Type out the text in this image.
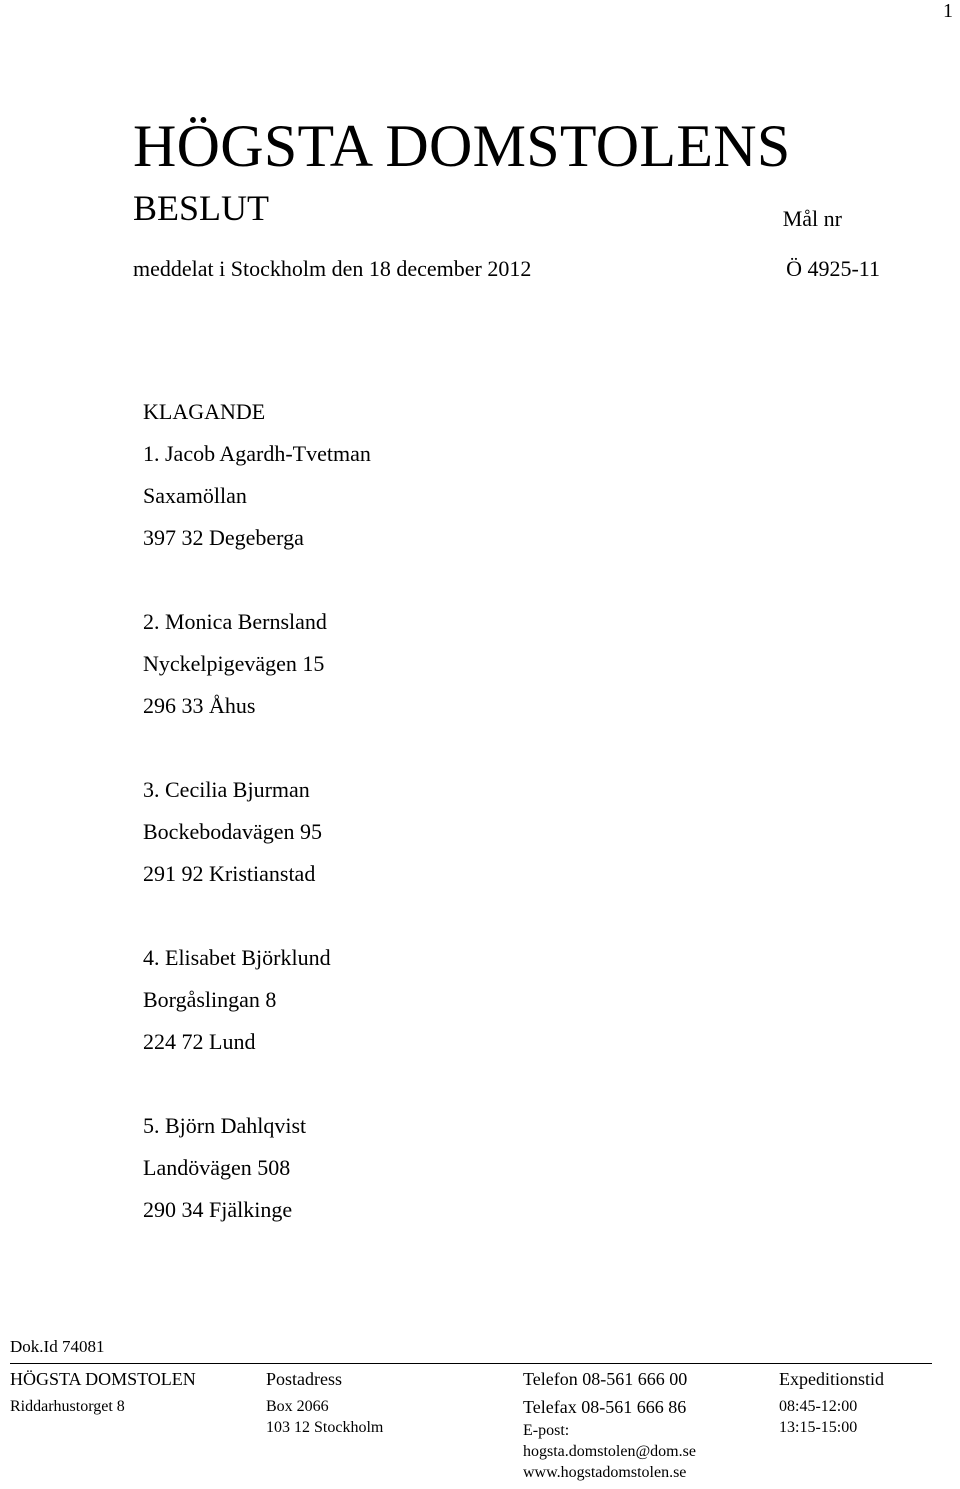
1
HÖGSTA DOMSTOLENS
BESLUT	Mål nr
meddelat i Stockholm den 18 december 2012	Ö 4925-11
KLAGANDE
1. Jacob Agardh-Tvetman
Saxamöllan
397 32 Degeberga
2. Monica Bernsland
Nyckelpigevägen 15
296 33 Åhus
3. Cecilia Bjurman
Bockebodavägen 95
291 92 Kristianstad
4. Elisabet Björklund
Borgåslingan 8
224 72 Lund
5. Björn Dahlqvist
Landövägen 508
290 34 Fjälkinge
Dok.Id 74081
HÖGSTA DOMSTOLEN
Riddarhustorget 8
Postadress
Box 2066
103 12 Stockholm
Telefon 08-561 666 00
Telefax 08-561 666 86
E-post:
hogsta.domstolen@dom.se
www.hogstadomstolen.se
Expeditionstid
08:45-12:00
13:15-15:00
